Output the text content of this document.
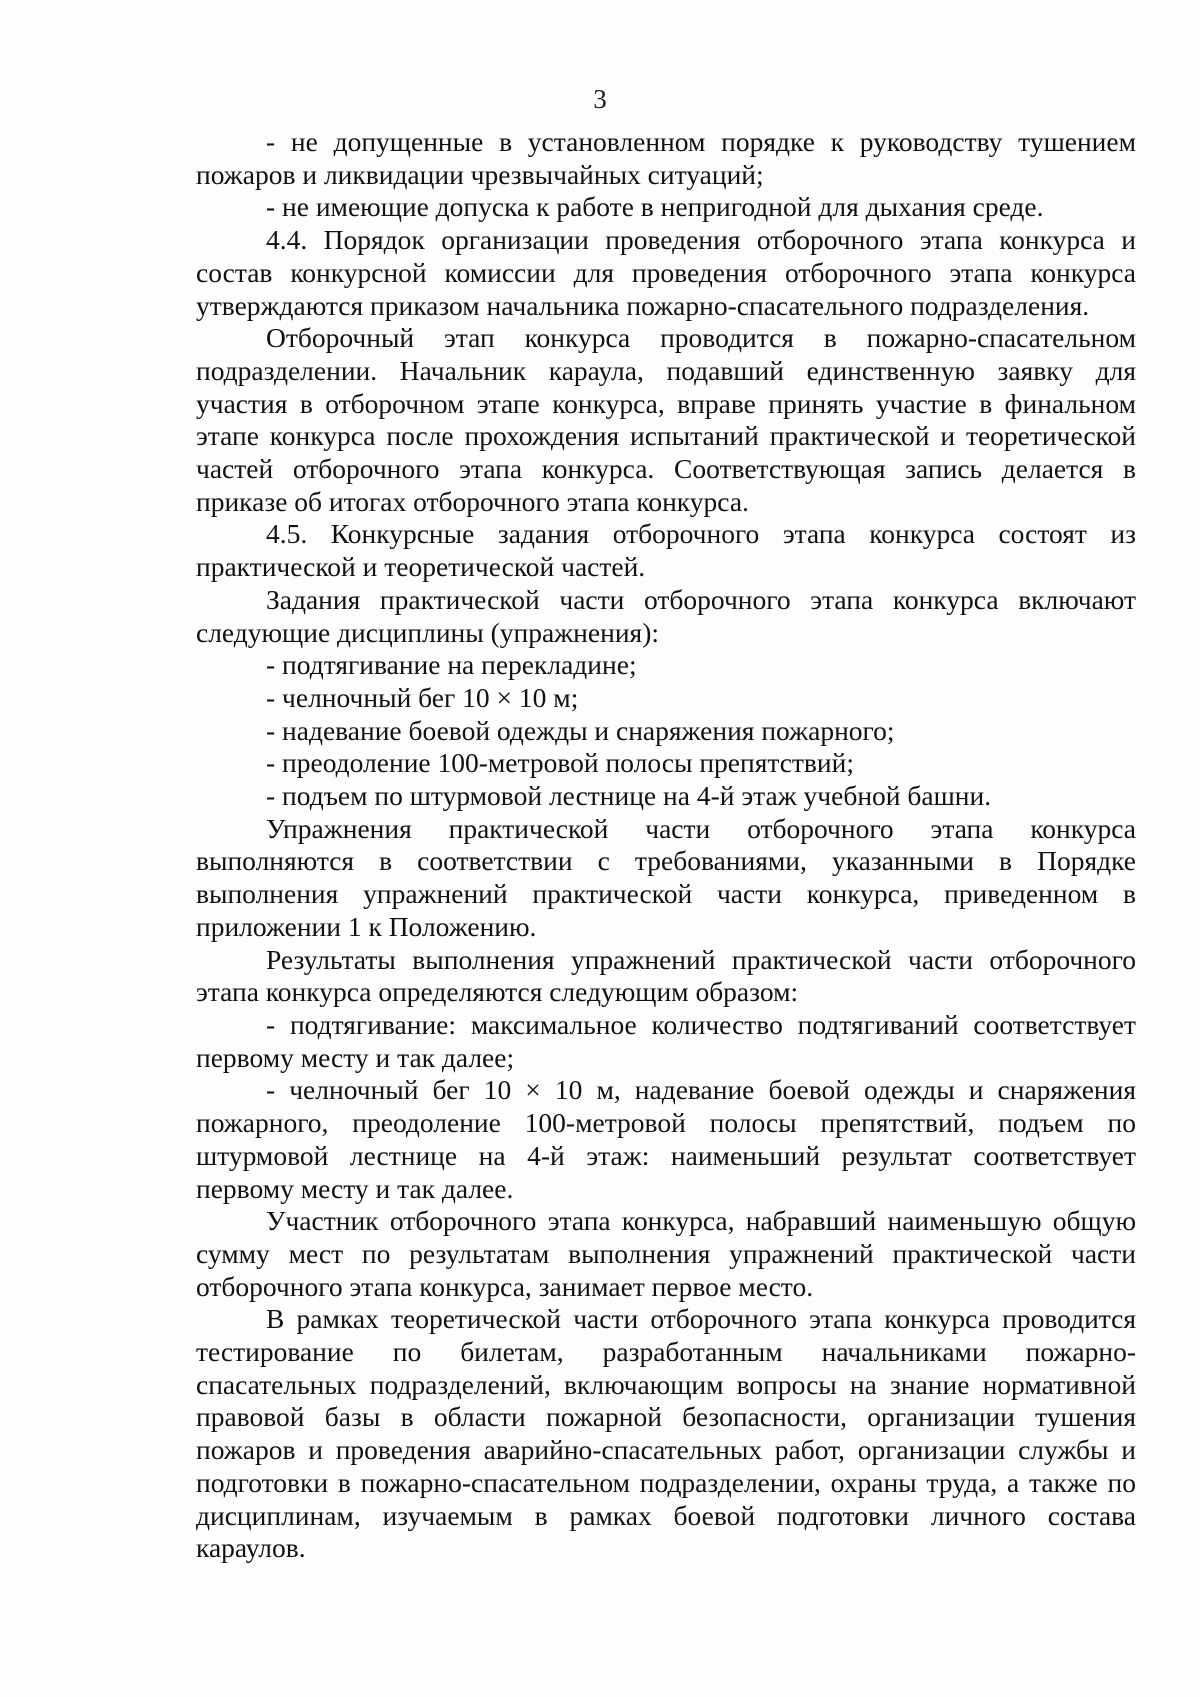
3

- не допущенные в установленном порядке к руководству тушением пожаров и ликвидации чрезвычайных ситуаций;

- не имеющие допуска к работе в непригодной для дыхания среде.

4.4. Порядок организации проведения отборочного этапа конкурса и состав конкурсной комиссии для проведения отборочного этапа конкурса утверждаются приказом начальника пожарно-спасательного подразделения.

Отборочный этап конкурса проводится в пожарно-спасательном подразделении. Начальник караула, подавший единственную заявку для участия в отборочном этапе конкурса, вправе принять участие в финальном этапе конкурса после прохождения испытаний практической и теоретической частей отборочного этапа конкурса. Соответствующая запись делается в приказе об итогах отборочного этапа конкурса.

4.5. Конкурсные задания отборочного этапа конкурса состоят из практической и теоретической частей.

Задания практической части отборочного этапа конкурса включают следующие дисциплины (упражнения):

- подтягивание на перекладине;

- челночный бег 10 × 10 м;

- надевание боевой одежды и снаряжения пожарного;

- преодоление 100-метровой полосы препятствий;

- подъем по штурмовой лестнице на 4-й этаж учебной башни.

Упражнения практической части отборочного этапа конкурса выполняются в соответствии с требованиями, указанными в Порядке выполнения упражнений практической части конкурса, приведенном в приложении 1 к Положению.

Результаты выполнения упражнений практической части отборочного этапа конкурса определяются следующим образом:

- подтягивание: максимальное количество подтягиваний соответствует первому месту и так далее;

- челночный бег 10 × 10 м, надевание боевой одежды и снаряжения пожарного, преодоление 100-метровой полосы препятствий, подъем по штурмовой лестнице на 4-й этаж: наименьший результат соответствует первому месту и так далее.

Участник отборочного этапа конкурса, набравший наименьшую общую сумму мест по результатам выполнения упражнений практической части отборочного этапа конкурса, занимает первое место.

В рамках теоретической части отборочного этапа конкурса проводится тестирование по билетам, разработанным начальниками пожарно-спасательных подразделений, включающим вопросы на знание нормативной правовой базы в области пожарной безопасности, организации тушения пожаров и проведения аварийно-спасательных работ, организации службы и подготовки в пожарно-спасательном подразделении, охраны труда, а также по дисциплинам, изучаемым в рамках боевой подготовки личного состава караулов.
